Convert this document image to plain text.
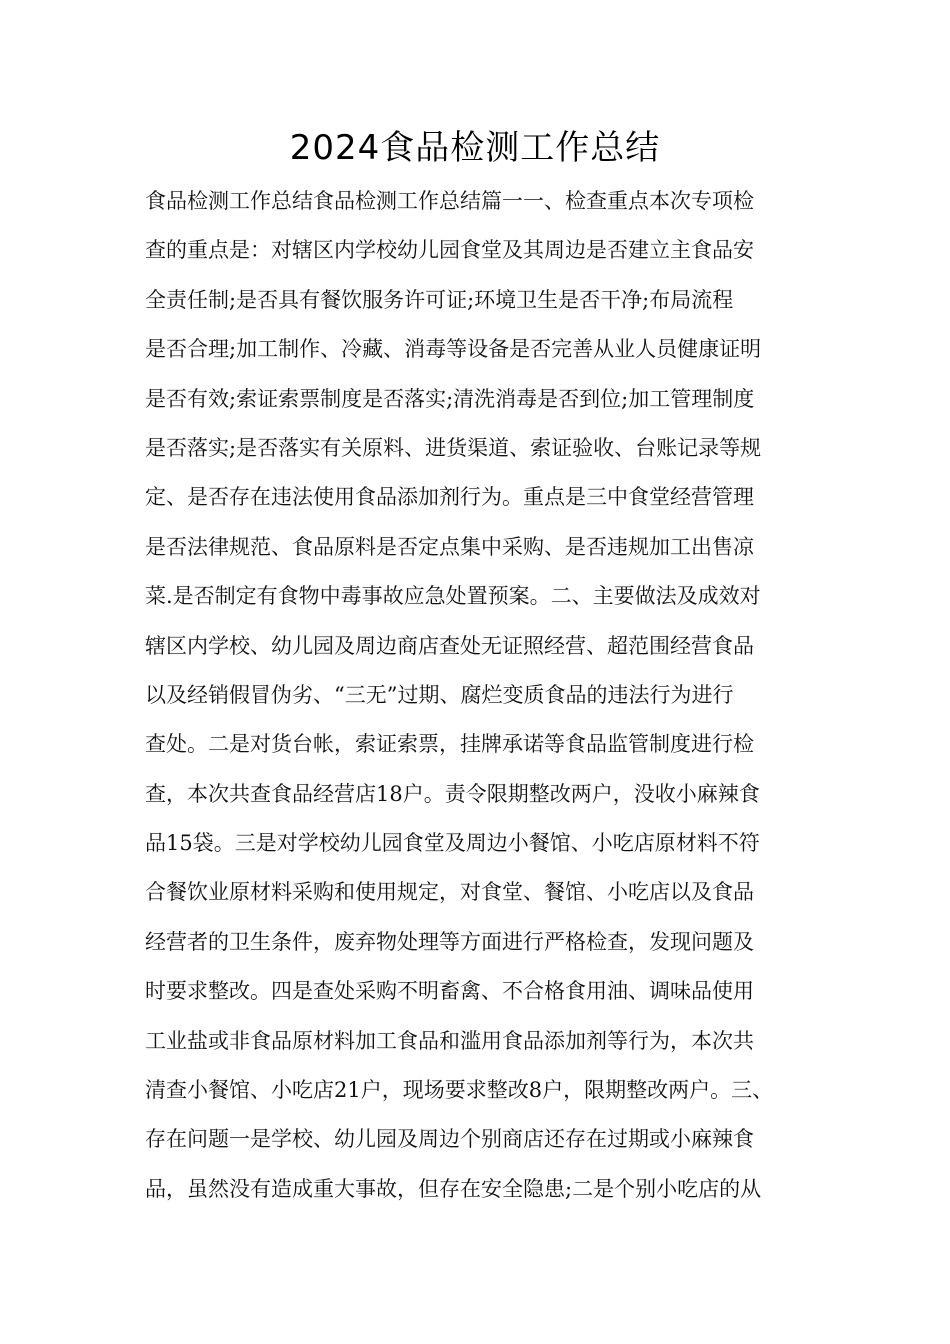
2024食品检测工作总结
食品检测工作总结食品检测工作总结篇一一、检查重点本次专项检
查的重点是：对辖区内学校幼儿园食堂及其周边是否建立主食品安
全责任制;是否具有餐饮服务许可证;环境卫生是否干净;布局流程
是否合理;加工制作、冷藏、消毒等设备是否完善从业人员健康证明
是否有效;索证索票制度是否落实;清洗消毒是否到位;加工管理制度
是否落实;是否落实有关原料、进货渠道、索证验收、台账记录等规
定、是否存在违法使用食品添加剂行为。重点是三中食堂经营管理
是否法律规范、食品原料是否定点集中采购、是否违规加工出售凉
菜.是否制定有食物中毒事故应急处置预案。二、主要做法及成效对
辖区内学校、幼儿园及周边商店查处无证照经营、超范围经营食品
以及经销假冒伪劣、“三无”过期、腐烂变质食品的违法行为进行
查处。二是对货台帐，索证索票，挂牌承诺等食品监管制度进行检
查，本次共查食品经营店18户。责令限期整改两户，没收小麻辣食
品15袋。三是对学校幼儿园食堂及周边小餐馆、小吃店原材料不符
合餐饮业原材料采购和使用规定，对食堂、餐馆、小吃店以及食品
经营者的卫生条件，废弃物处理等方面进行严格检查，发现问题及
时要求整改。四是查处采购不明畜禽、不合格食用油、调味品使用
工业盐或非食品原材料加工食品和滥用食品添加剂等行为，本次共
清查小餐馆、小吃店21户，现场要求整改8户，限期整改两户。三、
存在问题一是学校、幼儿园及周边个别商店还存在过期或小麻辣食
品，虽然没有造成重大事故，但存在安全隐患;二是个别小吃店的从
